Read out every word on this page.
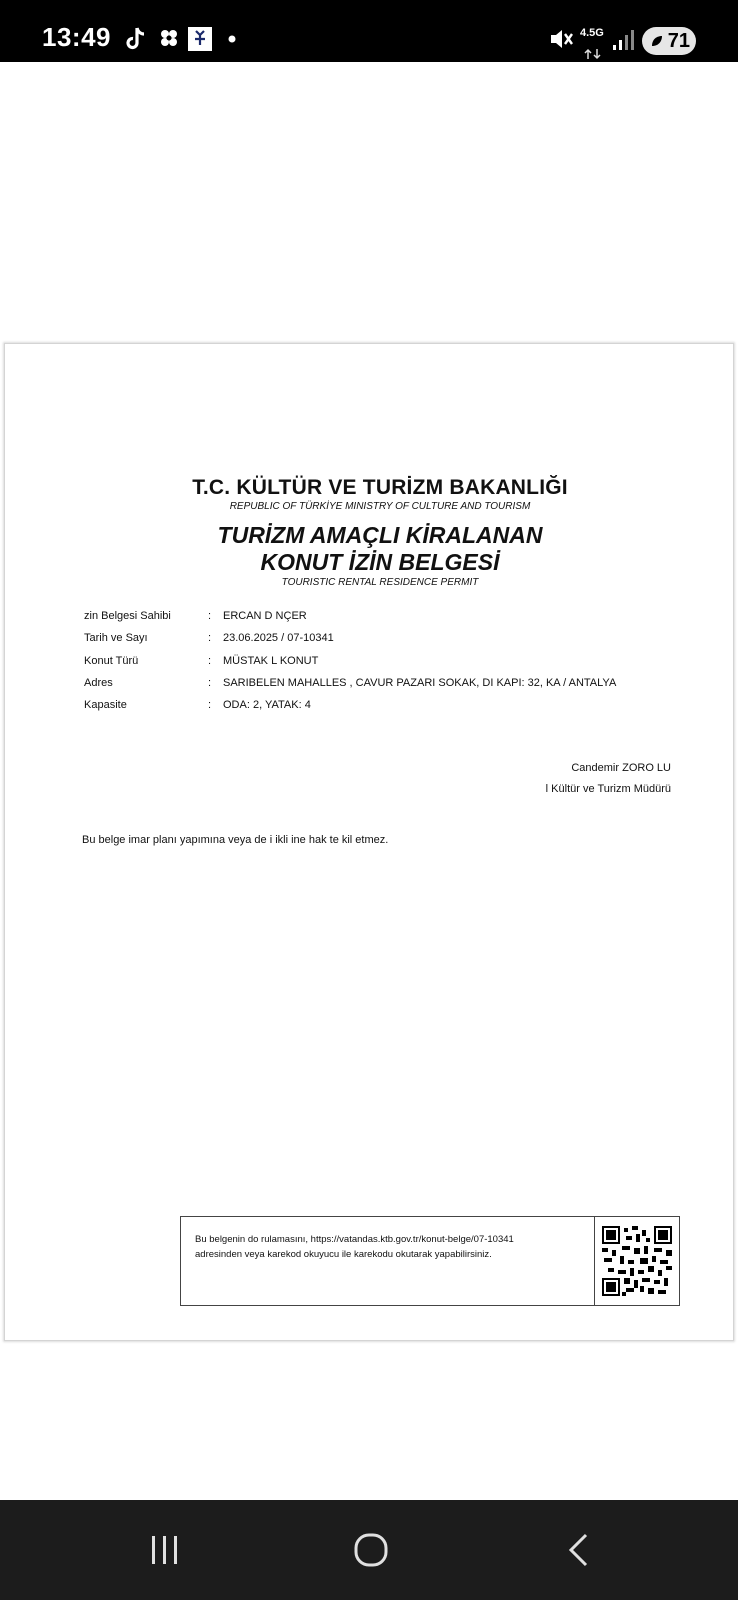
13:49	4.5G	71
T.C. KÜLTÜR VE TURİZM BAKANLIĞI
REPUBLIC OF TÜRKİYE MINISTRY OF CULTURE AND TOURISM
TURİZM AMAÇLI KİRALANAN
KONUT İZİN BELGESİ
TOURISTIC RENTAL RESIDENCE PERMIT
zin Belgesi Sahibi	: ERCAN D NÇER
Tarih ve Sayı	: 23.06.2025 / 07-10341
Konut Türü	: MÜSTAK L KONUT
Adres	: SARIBELEN MAHALLES , CAVUR PAZARI SOKAK, DI KAPI: 32, KA / ANTALYA
Kapasite	: ODA: 2, YATAK: 4
Candemir ZORO LU
l Kültür ve Turizm Müdürü
Bu belge imar planı yapımına veya de i ikli ine hak te kil etmez.
Bu belgenin do rulamasını, https://vatandas.ktb.gov.tr/konut-belge/07-10341
adresinden veya karekod okuyucu ile karekodu okutarak yapabilirsiniz.
